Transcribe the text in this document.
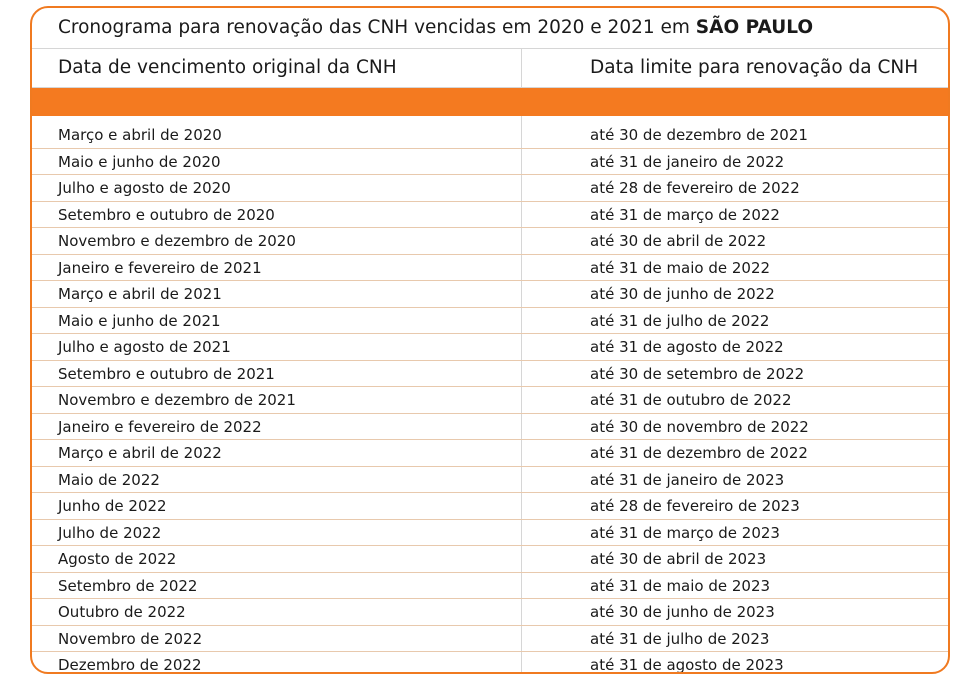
Cronograma para renovação das CNH vencidas em 2020 e 2021 em SÃO PAULO
Data de vencimento original da CNH	Data limite para renovação da CNH
Março e abril de 2020	até 30 de dezembro de 2021
Maio e junho de 2020	até 31 de janeiro de 2022
Julho e agosto de 2020	até 28 de fevereiro de 2022
Setembro e outubro de 2020	até 31 de março de 2022
Novembro e dezembro de 2020	até 30 de abril de 2022
Janeiro e fevereiro de 2021	até 31 de maio de 2022
Março e abril de 2021	até 30 de junho de 2022
Maio e junho de 2021	até 31 de julho de 2022
Julho e agosto de 2021	até 31 de agosto de 2022
Setembro e outubro de 2021	até 30 de setembro de 2022
Novembro e dezembro de 2021	até 31 de outubro de 2022
Janeiro e fevereiro de 2022	até 30 de novembro de 2022
Março e abril de 2022	até 31 de dezembro de 2022
Maio de 2022	até 31 de janeiro de 2023
Junho de 2022	até 28 de fevereiro de 2023
Julho de 2022	até 31 de março de 2023
Agosto de 2022	até 30 de abril de 2023
Setembro de 2022	até 31 de maio de 2023
Outubro de 2022	até 30 de junho de 2023
Novembro de 2022	até 31 de julho de 2023
Dezembro de 2022	até 31 de agosto de 2023
